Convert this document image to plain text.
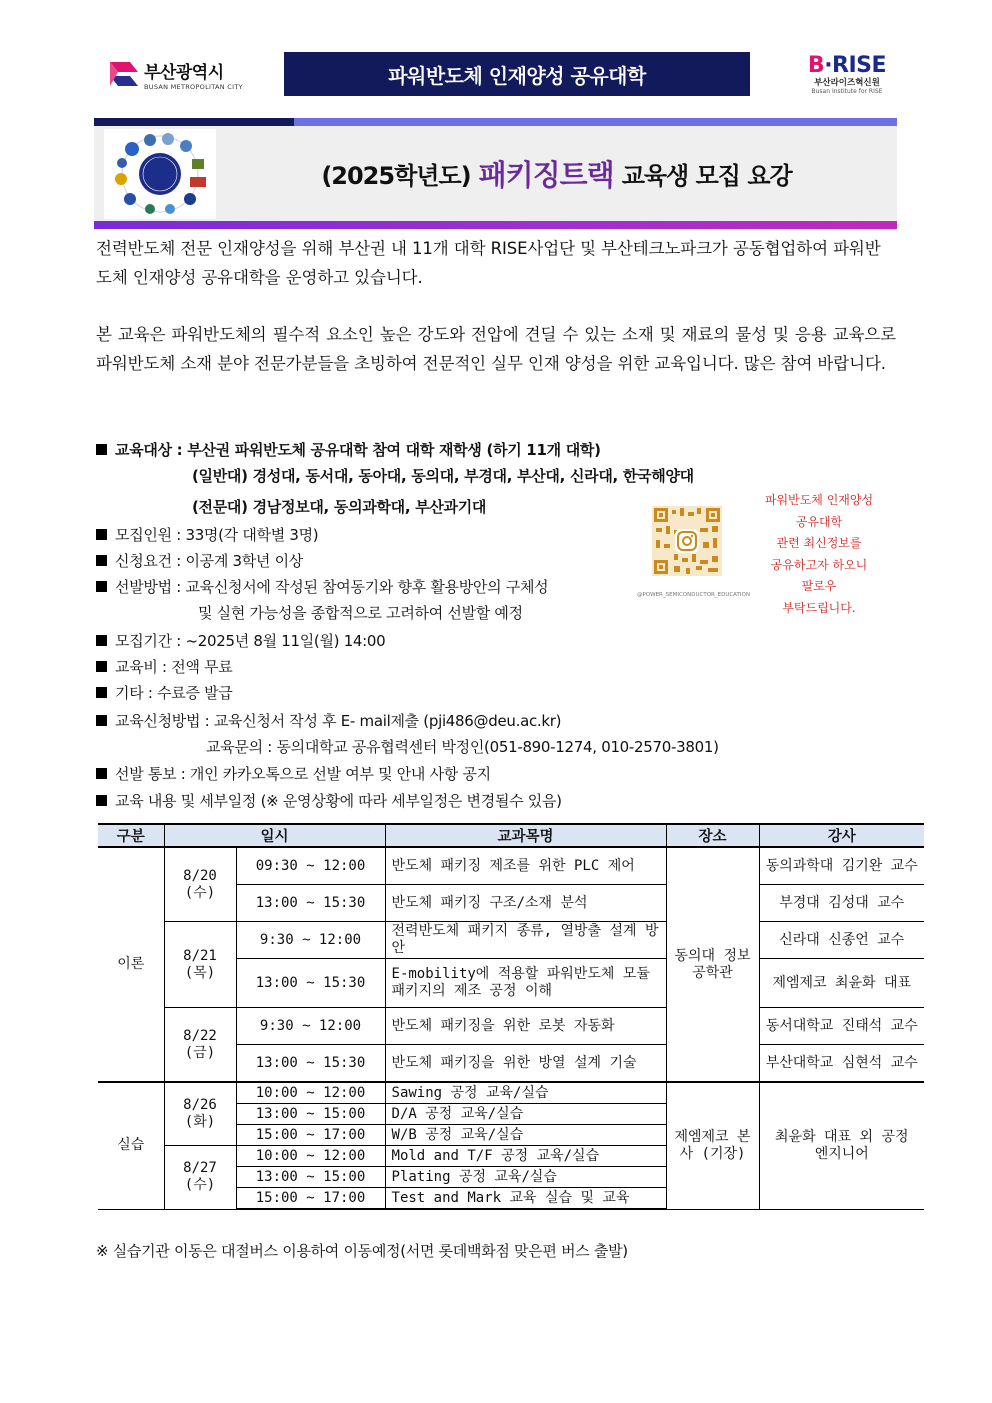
부산광역시
BUSAN METROPOLITAN CITY	파워반도체 인재양성 공유대학	B·RISE
부산라이즈혁신원
Busan Institute for RISE
(2025학년도) 패키징트랙 교육생 모집 요강
전력반도체 전문 인재양성을 위해 부산권 내 11개 대학 RISE사업단 및 부산테크노파크가 공동협업하여 파워반도체 인재양성 공유대학을 운영하고 있습니다.
본 교육은 파워반도체의 필수적 요소인 높은 강도와 전압에 견딜 수 있는 소재 및 재료의 물성 및 응용 교육으로 파워반도체 소재 분야 전문가분들을 초빙하여 전문적인 실무 인재 양성을 위한 교육입니다. 많은 참여 바랍니다.
교육대상 : 부산권 파워반도체 공유대학 참여 대학 재학생 (하기 11개 대학)
(일반대) 경성대, 동서대, 동아대, 동의대, 부경대, 부산대, 신라대, 한국해양대
(전문대) 경남정보대, 동의과학대, 부산과기대
모집인원 : 33명(각 대학별 3명)
신청요건 : 이공계 3학년 이상
선발방법 : 교육신청서에 작성된 참여동기와 향후 활용방안의 구체성
및 실현 가능성을 종합적으로 고려하여 선발할 예정
모집기간 : ~2025년 8월 11일(월) 14:00
교육비 : 전액 무료
기타 : 수료증 발급
교육신청방법 : 교육신청서 작성 후 E- mail제출 (pji486@deu.ac.kr)
교육문의 : 동의대학교 공유협력센터 박정인(051-890-1274, 010-2570-3801)
선발 통보 : 개인 카카오톡으로 선발 여부 및 안내 사항 공지
교육 내용 및 세부일정 (※ 운영상황에 따라 세부일정은 변경될수 있음)
@POWER_SEMICONDUCTOR_EDUCATION
파워반도체 인재양성
공유대학
관련 최신정보를
공유하고자 하오니
팔로우
부탁드립니다.
구분	일시		교과목명	장소	강사
이론	8/20 (수)	09:30 ~ 12:00	반도체 패키징 제조를 위한 PLC 제어	동의대 정보공학관	동의과학대 김기완 교수
		13:00 ~ 15:30	반도체 패키징 구조/소재 분석		부경대 김성대 교수
	8/21 (목)	9:30 ~ 12:00	전력반도체 패키지 종류, 열방출 설계 방안		신라대 신종언 교수
		13:00 ~ 15:30	E-mobility에 적용할 파워반도체 모듈 패키지의 제조 공정 이해		제엠제코 최윤화 대표
	8/22 (금)	9:30 ~ 12:00	반도체 패키징을 위한 로봇 자동화		동서대학교 진태석 교수
		13:00 ~ 15:30	반도체 패키징을 위한 방열 설계 기술		부산대학교 심현석 교수
실습	8/26 (화)	10:00 ~ 12:00	Sawing 공정 교육/실습	제엠제코 본사 (기장)	최윤화 대표 외 공정 엔지니어
		13:00 ~ 15:00	D/A 공정 교육/실습		
		15:00 ~ 17:00	W/B 공정 교육/실습		
	8/27 (수)	10:00 ~ 12:00	Mold and T/F 공정 교육/실습		
		13:00 ~ 15:00	Plating 공정 교육/실습		
		15:00 ~ 17:00	Test and Mark 교육 실습 및 교육		
※ 실습기관 이동은 대절버스 이용하여 이동예정(서면 롯데백화점 맞은편 버스 출발)
